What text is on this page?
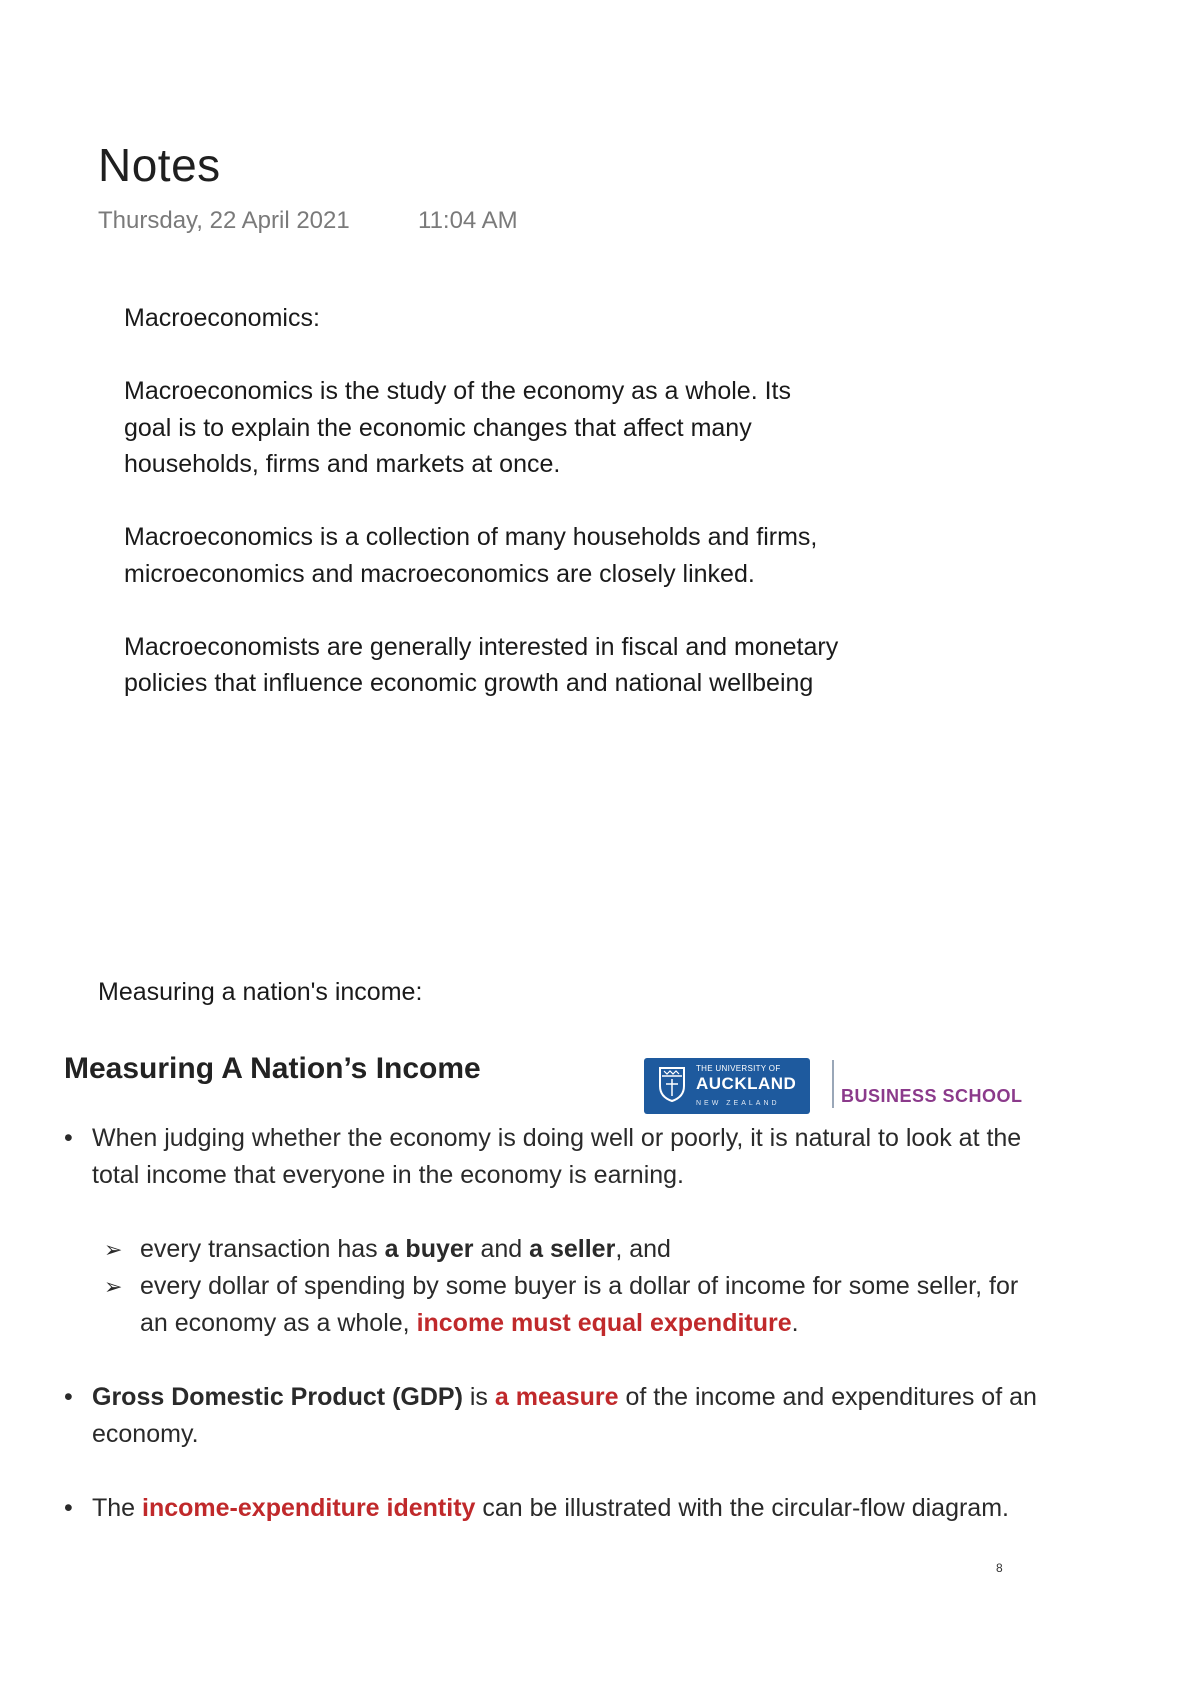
Notes
Thursday, 22 April 2021	11:04 AM

Macroeconomics:

Macroeconomics is the study of the economy as a whole. Its goal is to explain the economic changes that affect many households, firms and markets at once.

Macroeconomics is a collection of many households and firms, microeconomics and macroeconomics are closely linked.

Macroeconomists are generally interested in fiscal and monetary policies that influence economic growth and national wellbeing

Measuring a nation's income:
Measuring A Nation’s Income	THE UNIVERSITY OF
AUCKLAND
NEW ZEALAND	BUSINESS SCHOOL

• When judging whether the economy is doing well or poorly, it is natural to look at the total income that everyone in the economy is earning.

➢ every transaction has a buyer and a seller, and

➢ every dollar of spending by some buyer is a dollar of income for some seller, for an economy as a whole, income must equal expenditure.

• Gross Domestic Product (GDP) is a measure of the income and expenditures of an economy.

• The income-expenditure identity can be illustrated with the circular-flow diagram.

8
